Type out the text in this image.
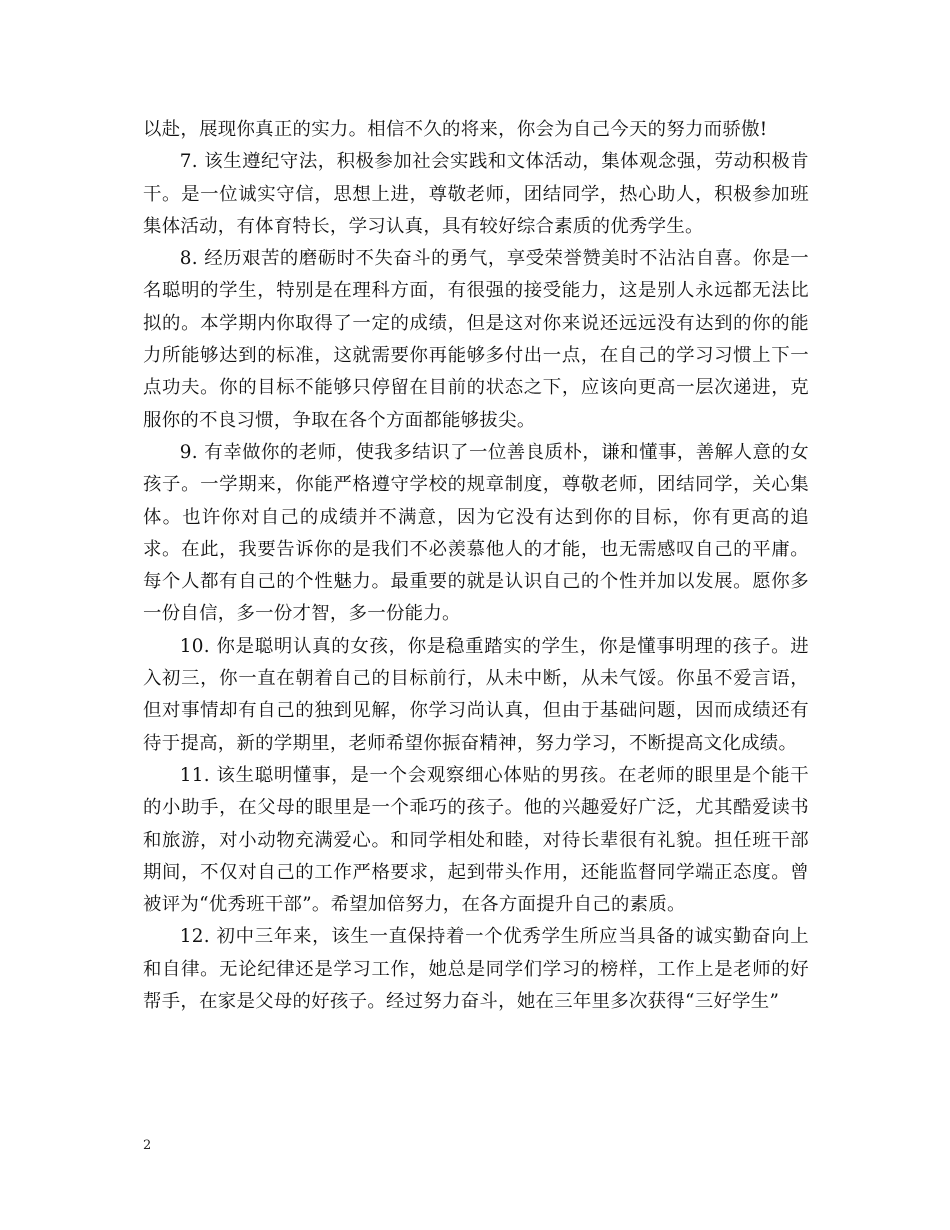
以赴，展现你真正的实力。相信不久的将来，你会为自己今天的努力而骄傲!

7. 该生遵纪守法，积极参加社会实践和文体活动，集体观念强，劳动积极肯干。是一位诚实守信，思想上进，尊敬老师，团结同学，热心助人，积极参加班集体活动，有体育特长，学习认真，具有较好综合素质的优秀学生。

8. 经历艰苦的磨砺时不失奋斗的勇气，享受荣誉赞美时不沾沾自喜。你是一名聪明的学生，特别是在理科方面，有很强的接受能力，这是别人永远都无法比拟的。本学期内你取得了一定的成绩，但是这对你来说还远远没有达到的你的能力所能够达到的标准，这就需要你再能够多付出一点，在自己的学习习惯上下一点功夫。你的目标不能够只停留在目前的状态之下，应该向更高一层次递进，克服你的不良习惯，争取在各个方面都能够拔尖。

9. 有幸做你的老师，使我多结识了一位善良质朴，谦和懂事，善解人意的女孩子。一学期来，你能严格遵守学校的规章制度，尊敬老师，团结同学，关心集体。也许你对自己的成绩并不满意，因为它没有达到你的目标，你有更高的追求。在此，我要告诉你的是我们不必羡慕他人的才能，也无需感叹自己的平庸。每个人都有自己的个性魅力。最重要的就是认识自己的个性并加以发展。愿你多一份自信，多一份才智，多一份能力。

10. 你是聪明认真的女孩，你是稳重踏实的学生，你是懂事明理的孩子。进入初三，你一直在朝着自己的目标前行，从未中断，从未气馁。你虽不爱言语，但对事情却有自己的独到见解，你学习尚认真，但由于基础问题，因而成绩还有待于提高，新的学期里，老师希望你振奋精神，努力学习，不断提高文化成绩。

11. 该生聪明懂事，是一个会观察细心体贴的男孩。在老师的眼里是个能干的小助手，在父母的眼里是一个乖巧的孩子。他的兴趣爱好广泛，尤其酷爱读书和旅游，对小动物充满爱心。和同学相处和睦，对待长辈很有礼貌。担任班干部期间，不仅对自己的工作严格要求，起到带头作用，还能监督同学端正态度。曾被评为“优秀班干部”。希望加倍努力，在各方面提升自己的素质。

12. 初中三年来，该生一直保持着一个优秀学生所应当具备的诚实勤奋向上和自律。无论纪律还是学习工作，她总是同学们学习的榜样，工作上是老师的好帮手，在家是父母的好孩子。经过努力奋斗，她在三年里多次获得“三好学生”

2
